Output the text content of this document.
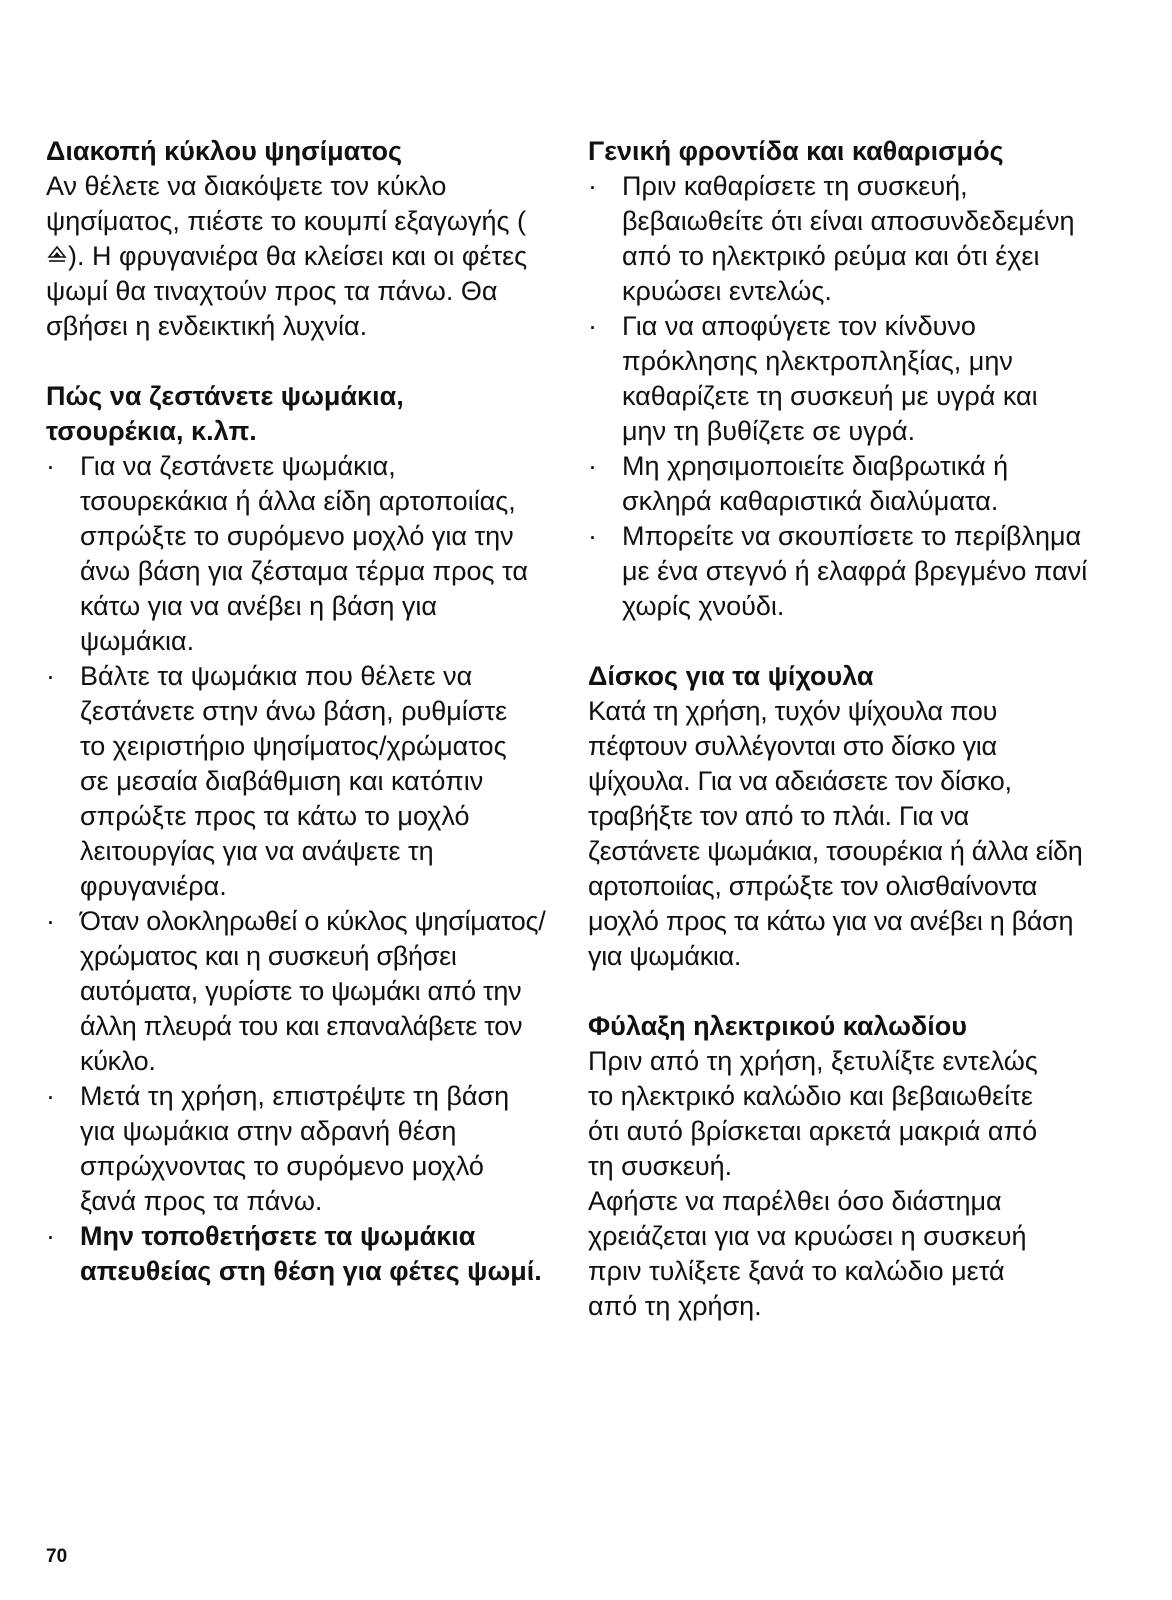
Διακοπή κύκλου ψησίματος

Αν θέλετε να διακόψετε τον κύκλο ψησίματος, πιέστε το κουμπί εξαγωγής (). Η φρυγανιέρα θα κλείσει και οι φέτες ψωμί θα τιναχτούν προς τα πάνω. Θα σβήσει η ενδεικτική λυχνία.

Πώς να ζεστάνετε ψωμάκια, τσουρέκια, κ.λπ.
· Για να ζεστάνετε ψωμάκια, τσουρεκάκια ή άλλα είδη αρτοποιίας, σπρώξτε το συρόμενο μοχλό για την άνω βάση για ζέσταμα τέρμα προς τα κάτω για να ανέβει η βάση για ψωμάκια.
· Βάλτε τα ψωμάκια που θέλετε να ζεστάνετε στην άνω βάση, ρυθμίστε το χειριστήριο ψησίματος/χρώματος σε μεσαία διαβάθμιση και κατόπιν σπρώξτε προς τα κάτω το μοχλό λειτουργίας για να ανάψετε τη φρυγανιέρα.
· Όταν ολοκληρωθεί ο κύκλος ψησίματος/ χρώματος και η συσκευή σβήσει αυτόματα, γυρίστε το ψωμάκι από την άλλη πλευρά του και επαναλάβετε τον κύκλο.
· Μετά τη χρήση, επιστρέψτε τη βάση για ψωμάκια στην αδρανή θέση σπρώχνοντας το συρόμενο μοχλό ξανά προς τα πάνω.
· Μην τοποθετήσετε τα ψωμάκια απευθείας στη θέση για φέτες ψωμί.
Γενική φροντίδα και καθαρισμός
· Πριν καθαρίσετε τη συσκευή, βεβαιωθείτε ότι είναι αποσυνδεδεμένη από το ηλεκτρικό ρεύμα και ότι έχει κρυώσει εντελώς.
· Για να αποφύγετε τον κίνδυνο πρόκλησης ηλεκτροπληξίας, μην καθαρίζετε τη συσκευή με υγρά και μην τη βυθίζετε σε υγρά.
· Μη χρησιμοποιείτε διαβρωτικά ή σκληρά καθαριστικά διαλύματα.
· Μπορείτε να σκουπίσετε το περίβλημα με ένα στεγνό ή ελαφρά βρεγμένο πανί χωρίς χνούδι.
Δίσκος για τα ψίχουλα

Κατά τη χρήση, τυχόν ψίχουλα που πέφτουν συλλέγονται στο δίσκο για ψίχουλα. Για να αδειάσετε τον δίσκο, τραβήξτε τον από το πλάι. Για να ζεστάνετε ψωμάκια, τσουρέκια ή άλλα είδη αρτοποιίας, σπρώξτε τον ολισθαίνοντα μοχλό προς τα κάτω για να ανέβει η βάση για ψωμάκια.

Φύλαξη ηλεκτρικού καλωδίου

Πριν από τη χρήση, ξετυλίξτε εντελώς το ηλεκτρικό καλώδιο και βεβαιωθείτε ότι αυτό βρίσκεται αρκετά μακριά από τη συσκευή.

Αφήστε να παρέλθει όσο διάστημα χρειάζεται για να κρυώσει η συσκευή πριν τυλίξετε ξανά το καλώδιο μετά από τη χρήση.

70
